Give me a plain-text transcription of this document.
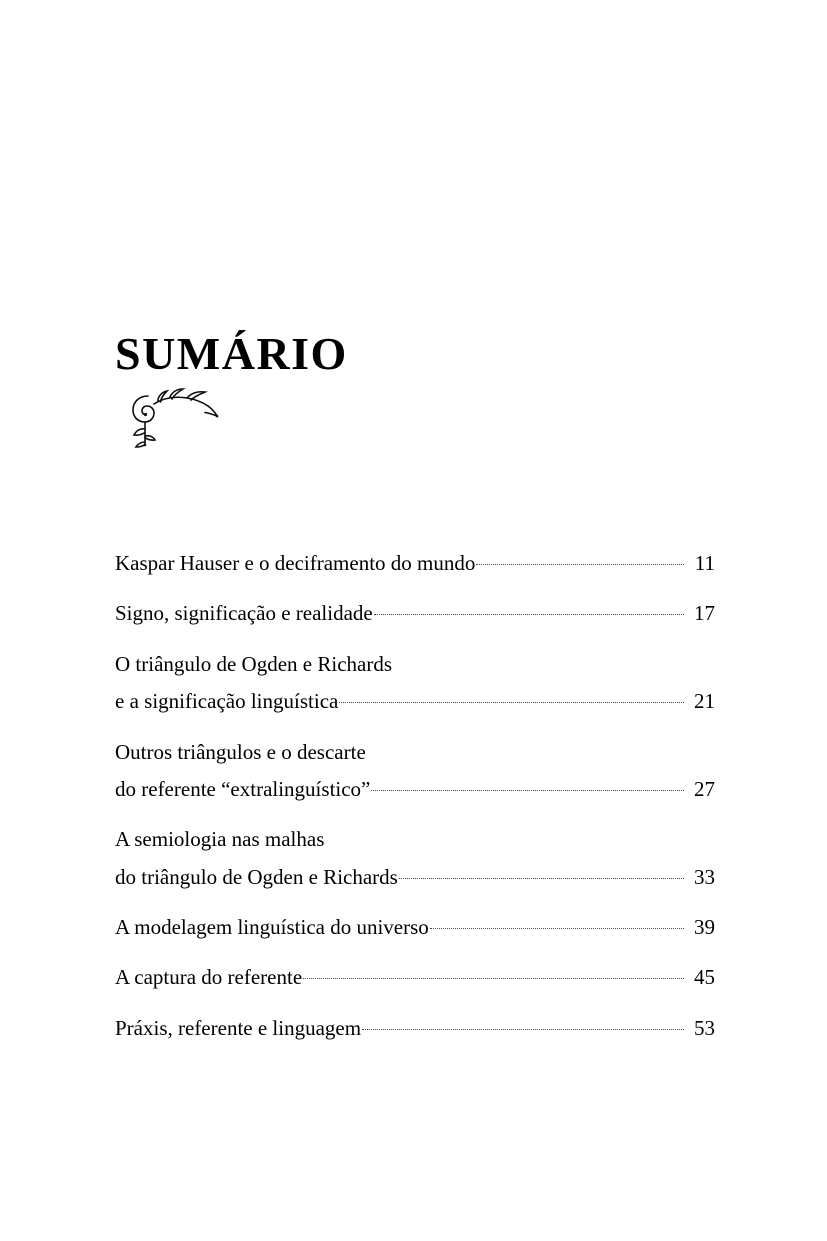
SUMÁRIO
Kaspar Hauser e o deciframento do mundo	11
Signo, significação e realidade	17
O triângulo de Ogden e Richards
e a significação linguística	21
Outros triângulos e o descarte
do referente “extralinguístico”	27
A semiologia nas malhas
do triângulo de Ogden e Richards	33
A modelagem linguística do universo	39
A captura do referente	45
Práxis, referente e linguagem	53
